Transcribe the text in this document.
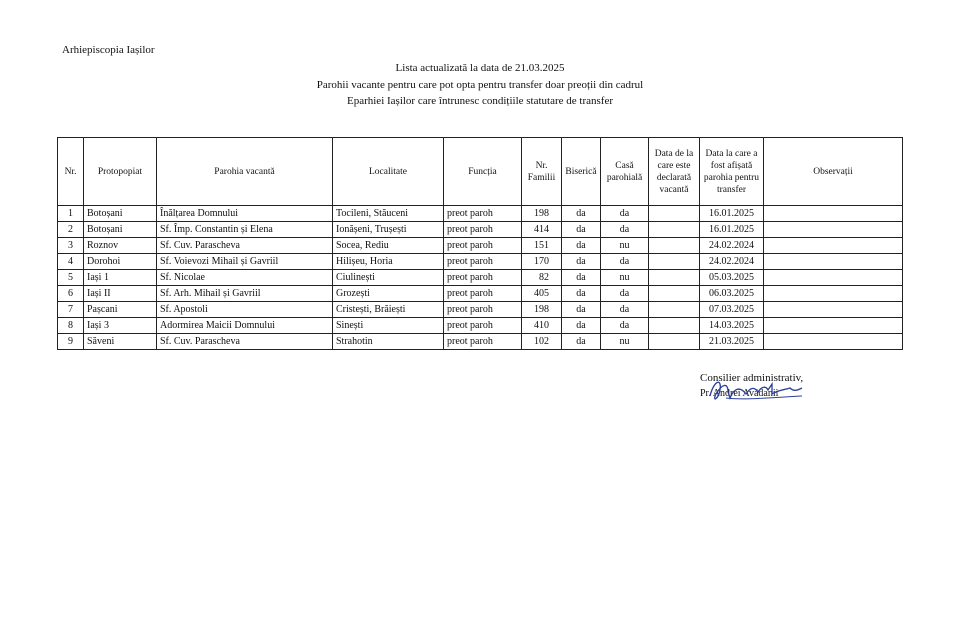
Arhiepiscopia Iașilor
Lista actualizată la data de 21.03.2025
Parohii vacante pentru care pot opta pentru transfer doar preoții din cadrul
Eparhiei Iașilor care întrunesc condițiile statutare de transfer
Nr.	Protopopiat	Parohia vacantă	Localitate	Funcția	Nr. Familii	Biserică	Casă parohială	Data de la care este declarată vacantă	Data la care a fost afișată parohia pentru transfer	Observații
1	Botoșani	Înălțarea Domnului	Tocileni, Stăuceni	preot paroh	198	da	da		16.01.2025	
2	Botoșani	Sf. Împ. Constantin și Elena	Ionășeni, Trușești	preot paroh	414	da	da		16.01.2025	
3	Roznov	Sf. Cuv. Parascheva	Socea, Rediu	preot paroh	151	da	nu		24.02.2024	
4	Dorohoi	Sf. Voievozi Mihail și Gavriil	Hilișeu, Horia	preot paroh	170	da	da		24.02.2024	
5	Iași 1	Sf. Nicolae	Ciulinești	preot paroh	82	da	nu		05.03.2025	
6	Iași II	Sf. Arh. Mihail și Gavriil	Grozești	preot paroh	405	da	da		06.03.2025	
7	Pașcani	Sf. Apostoli	Cristești, Brăiești	preot paroh	198	da	da		07.03.2025	
8	Iași 3	Adormirea Maicii Domnului	Sinești	preot paroh	410	da	da		14.03.2025	
9	Săveni	Sf. Cuv. Parascheva	Strahotin	preot paroh	102	da	nu		21.03.2025	
Consilier administrativ,
Pr. Andrei Avădanii
